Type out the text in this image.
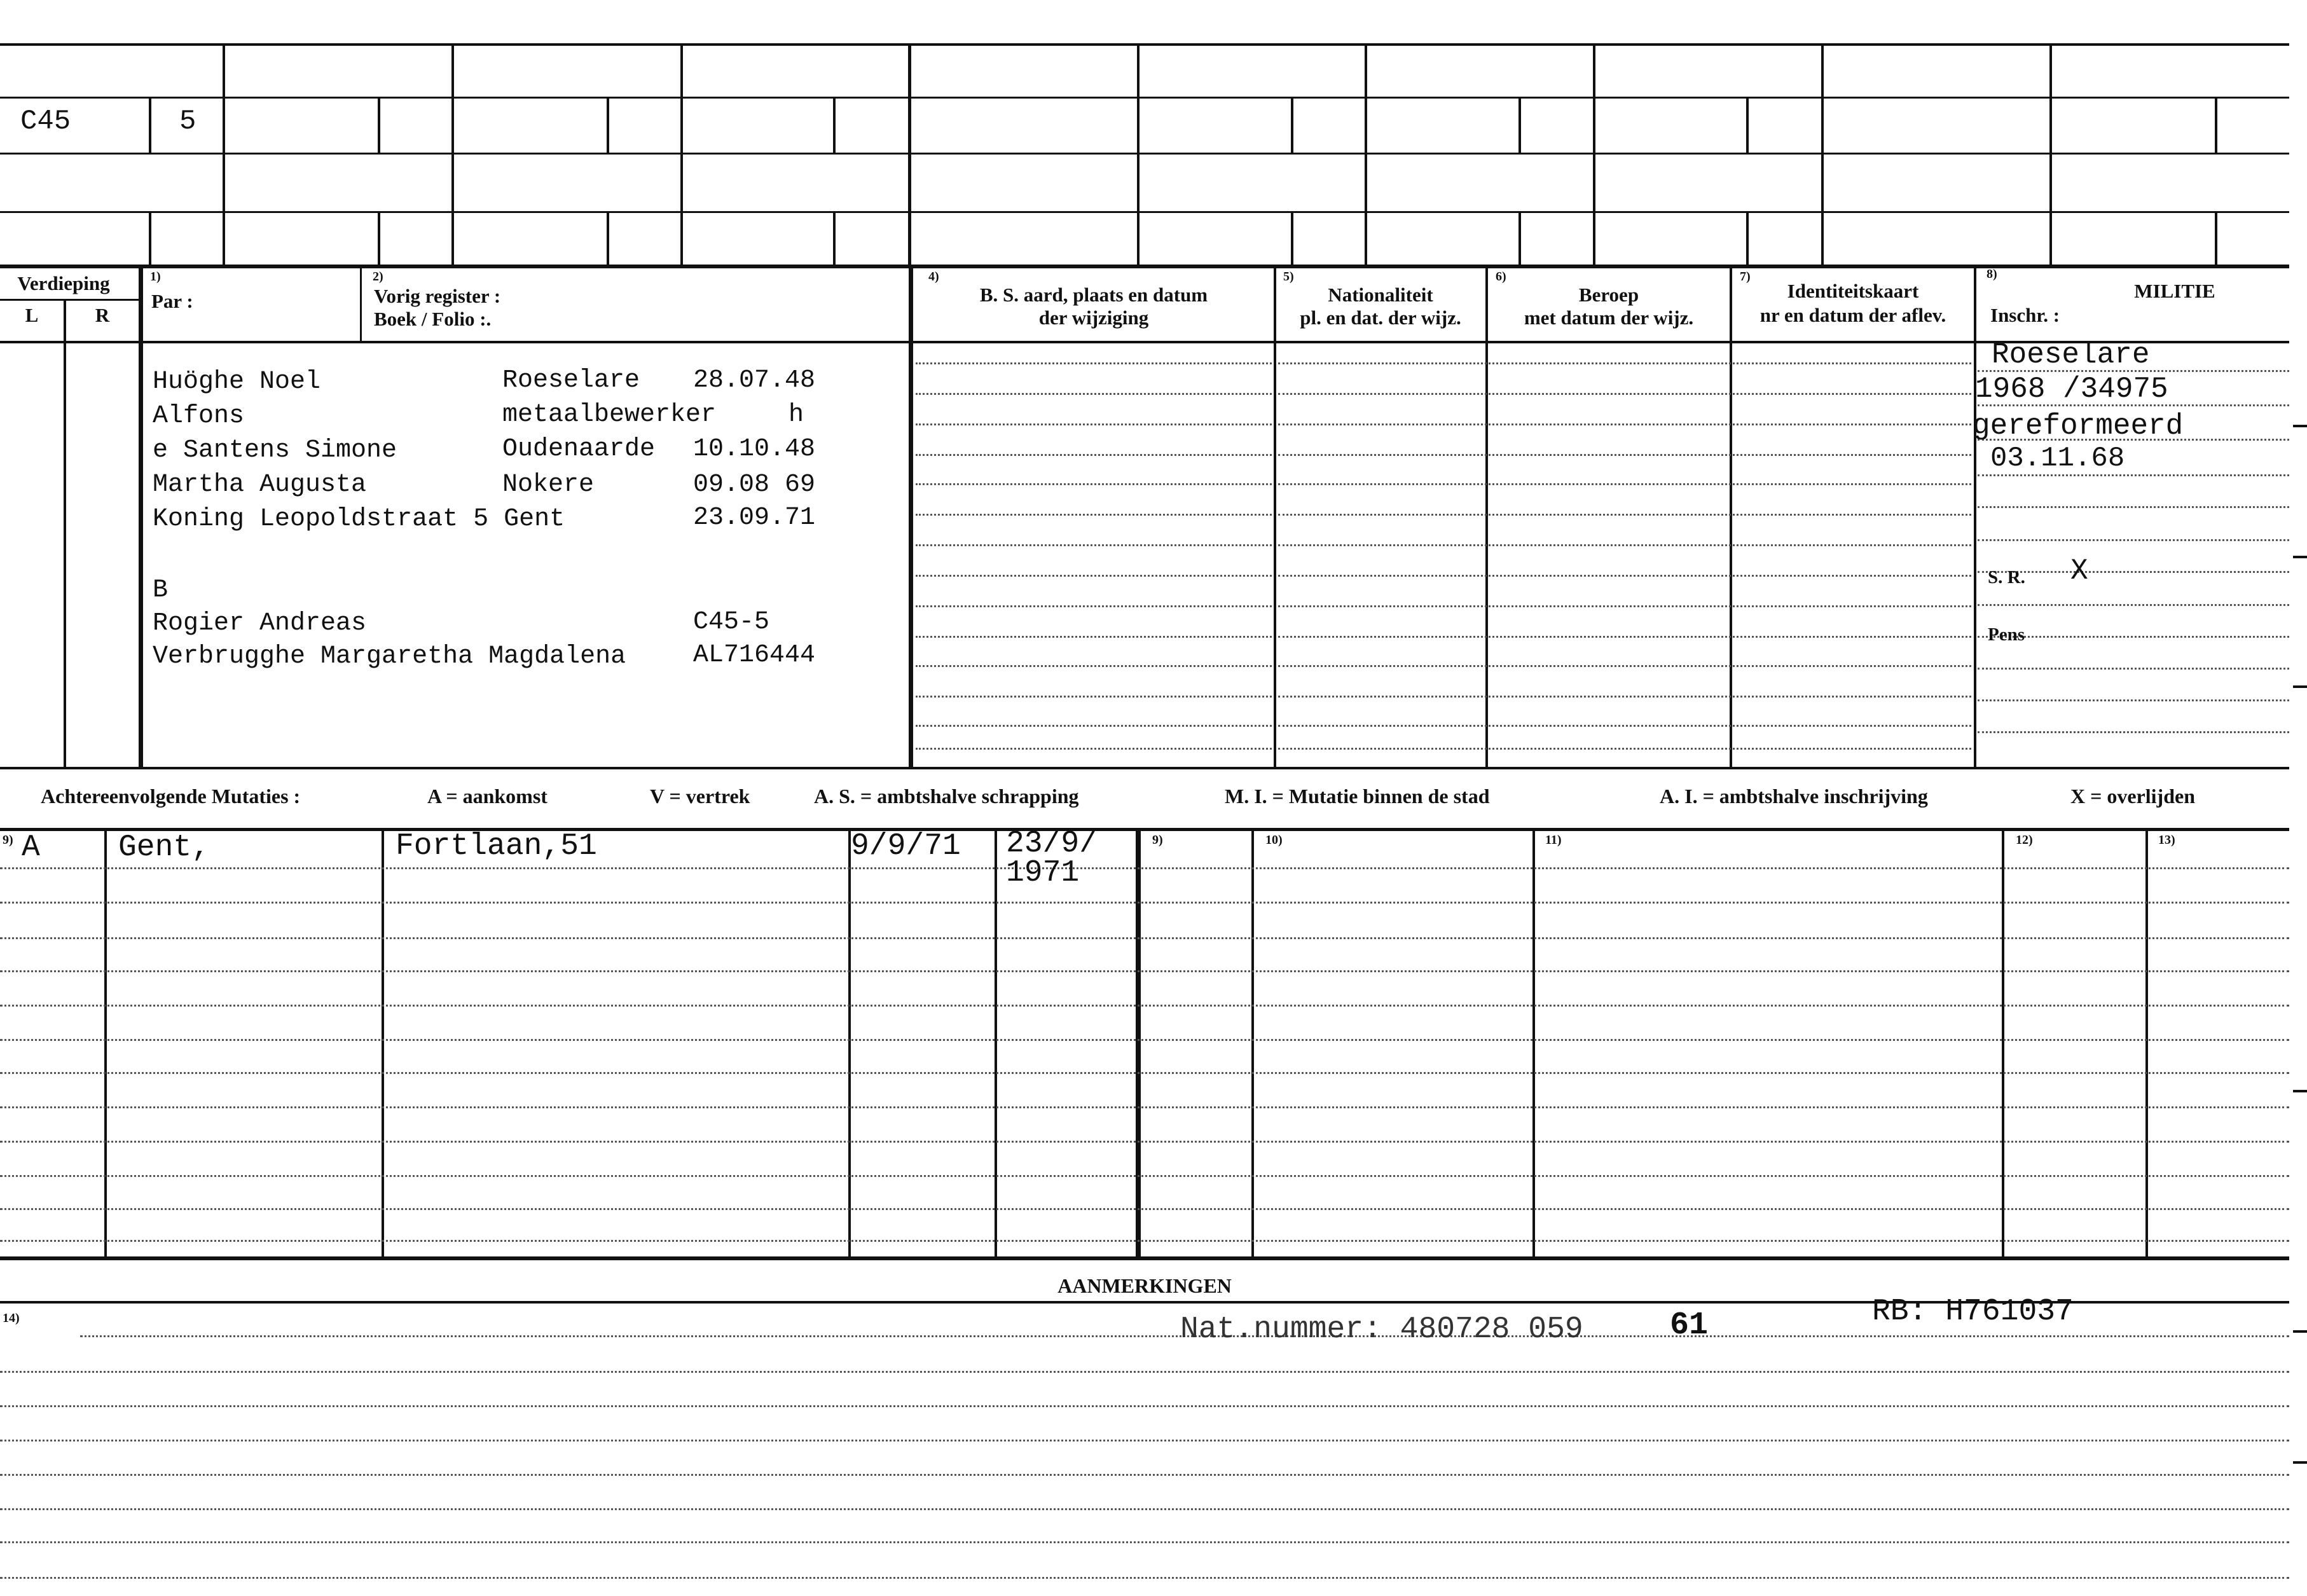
C45	5
Verdieping
L	R
1)
Par :
2)
Vorig register :
Boek / Folio :.
4)
B. S. aard, plaats en datum
der wijziging
5)
Nationaliteit
pl. en dat. der wijz.
6)
Beroep
met datum der wijz.
7)
Identiteitskaart
nr en datum der aflev.
8)
MILITIE
Inschr. :
Huöghe Noel	Roeselare 28.07.48
Alfons	metaalbewerker	h
e Santens Simone	Oudenaarde 10.10.48
Martha Augusta	Nokere	09.08 69
Koning Leopoldstraat 5 Gent	23.09.71
B
Rogier Andreas	C45-5
Verbrugghe Margaretha Magdalena	AL716444
Roeselare
1968 /34975
gereformeerd
03.11.68
S. R. X
Pens
Achtereenvolgende Mutaties :	A = aankomst	V = vertrek	A. S. = ambtshalve schrapping	M. I. = Mutatie binnen de stad	A. I. = ambtshalve inschrijving	X = overlijden
9)	9)	10)	11)	12)	13)
A	Gent,	Fortlaan,51	9/9/71 23/9/
1971
AANMERKINGEN
14)	Nat.nummer: 480728 059	61	RB: H761037
